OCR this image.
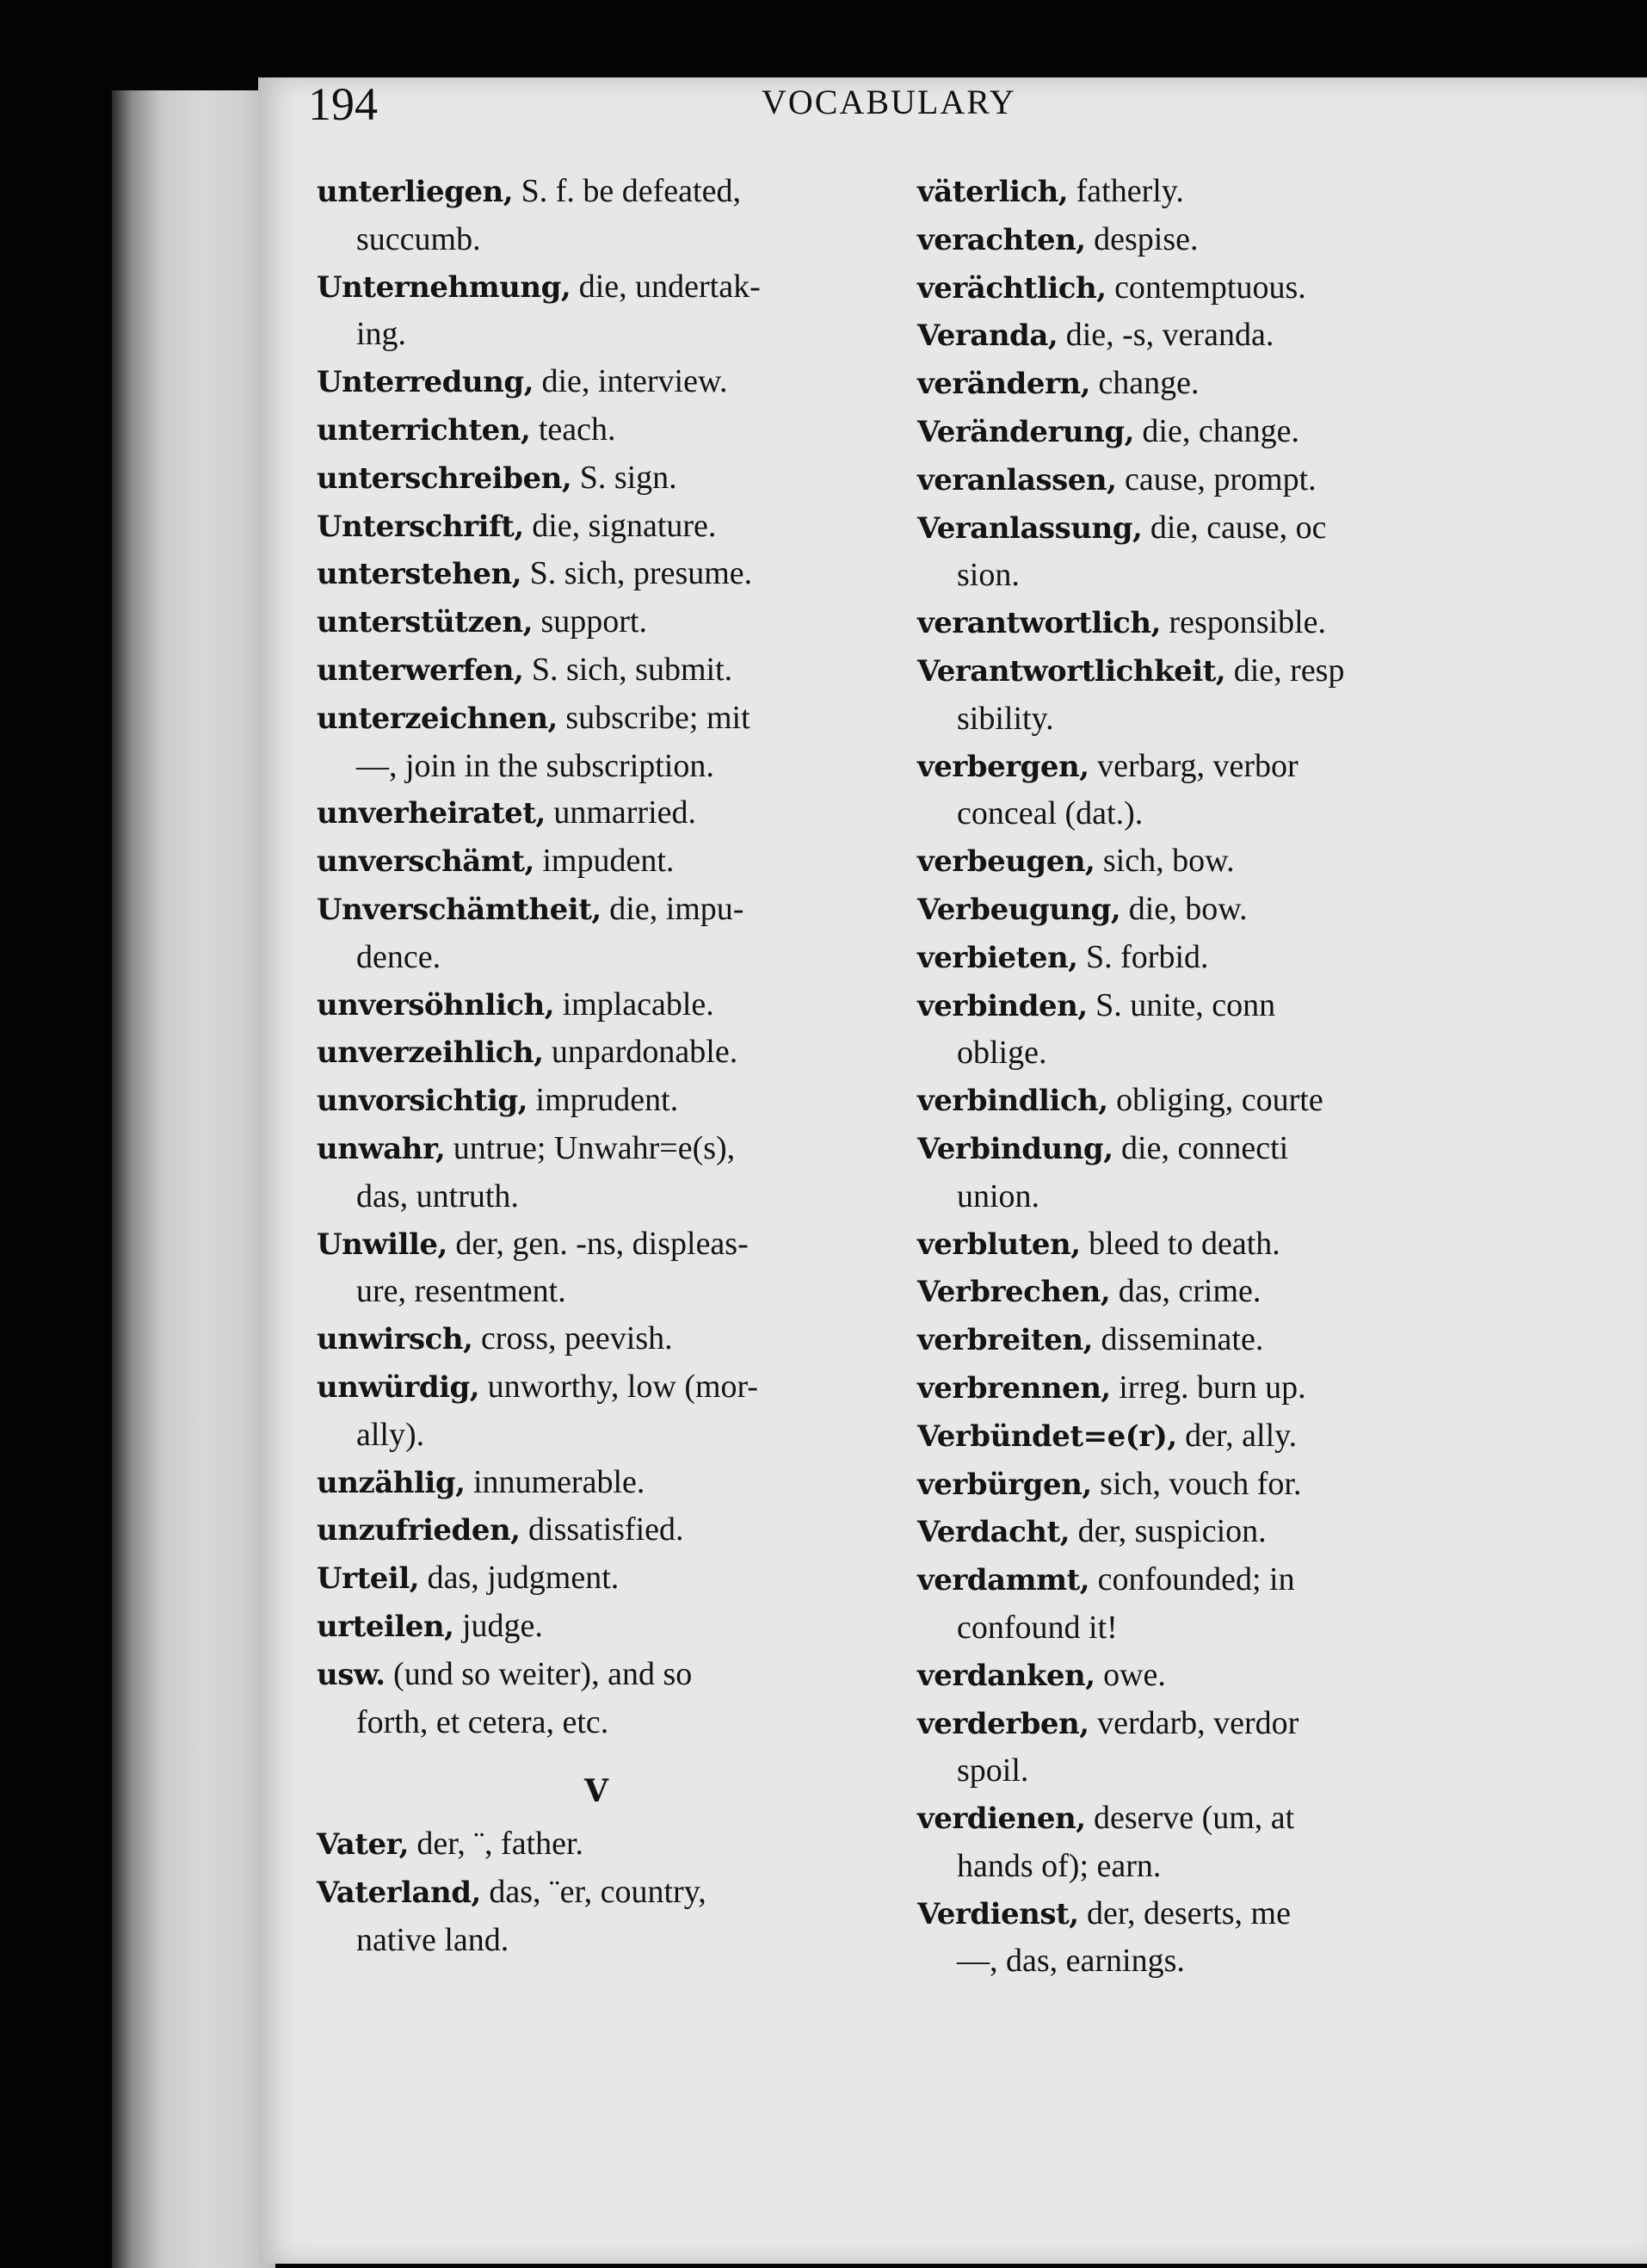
194	VOCABULARY
unterliegen, S. f. be defeated,
succumb.
Unternehmung, die, undertak-
ing.
Unterredung, die, interview.
unterrichten, teach.
unterschreiben, S. sign.
Unterschrift, die, signature.
unterstehen, S. sich, presume.
unterstützen, support.
unterwerfen, S. sich, submit.
unterzeichnen, subscribe; mit
—, join in the subscription.
unverheiratet, unmarried.
unverschämt, impudent.
Unverschämtheit, die, impu-
dence.
unversöhnlich, implacable.
unverzeihlich, unpardonable.
unvorsichtig, imprudent.
unwahr, untrue; Unwahr=e(s),
das, untruth.
Unwille, der, gen. -ns, displeas-
ure, resentment.
unwirsch, cross, peevish.
unwürdig, unworthy, low (mor-
ally).
unzählig, innumerable.
unzufrieden, dissatisfied.
Urteil, das, judgment.
urteilen, judge.
usw. (und so weiter), and so
forth, et cetera, etc.
V
Vater, der, ¨, father.
Vaterland, das, ¨er, country,
native land.
väterlich, fatherly.
verachten, despise.
verächtlich, contemptuous.
Veranda, die, -s, veranda.
verändern, change.
Veränderung, die, change.
veranlassen, cause, prompt.
Veranlassung, die, cause, oc
sion.
verantwortlich, responsible.
Verantwortlichkeit, die, resp
sibility.
verbergen, verbarg, verbor
conceal (dat.).
verbeugen, sich, bow.
Verbeugung, die, bow.
verbieten, S. forbid.
verbinden, S. unite, conn
oblige.
verbindlich, obliging, courte
Verbindung, die, connecti
union.
verbluten, bleed to death.
Verbrechen, das, crime.
verbreiten, disseminate.
verbrennen, irreg. burn up.
Verbündet=e(r), der, ally.
verbürgen, sich, vouch for.
Verdacht, der, suspicion.
verdammt, confounded; in
confound it!
verdanken, owe.
verderben, verdarb, verdor
spoil.
verdienen, deserve (um, at
hands of); earn.
Verdienst, der, deserts, me
—, das, earnings.
